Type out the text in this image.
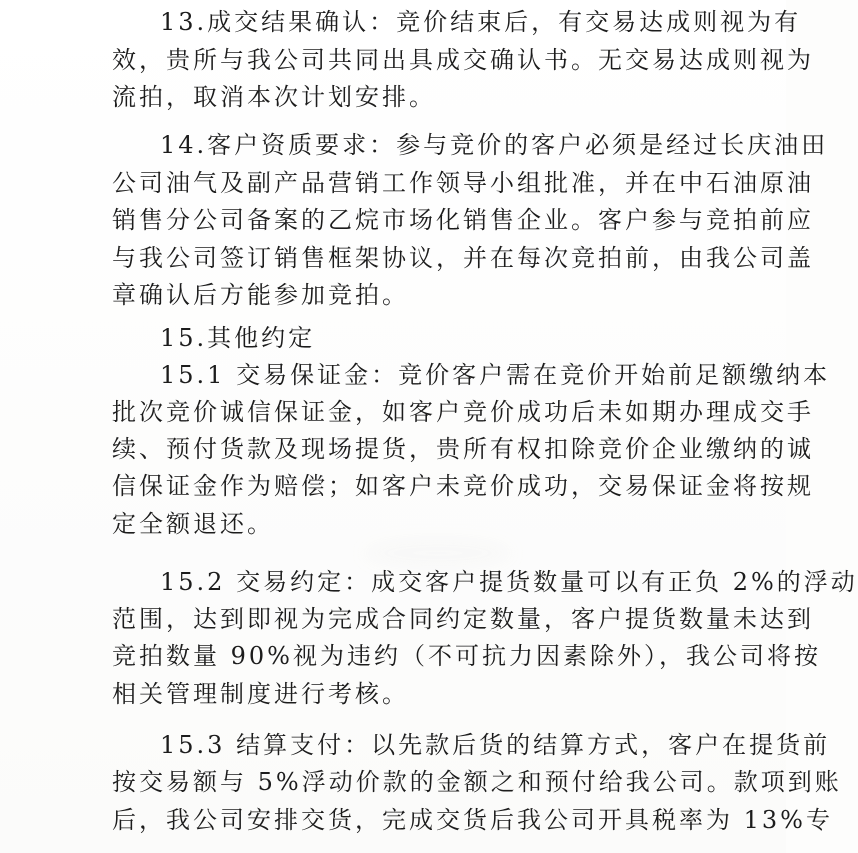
13.成交结果确认：竞价结束后，有交易达成则视为有
效，贵所与我公司共同出具成交确认书。无交易达成则视为
流拍，取消本次计划安排。
14.客户资质要求：参与竞价的客户必须是经过长庆油田
公司油气及副产品营销工作领导小组批准，并在中石油原油
销售分公司备案的乙烷市场化销售企业。客户参与竞拍前应
与我公司签订销售框架协议，并在每次竞拍前，由我公司盖
章确认后方能参加竞拍。
15.其他约定
15.1 交易保证金：竞价客户需在竞价开始前足额缴纳本
批次竞价诚信保证金，如客户竞价成功后未如期办理成交手
续、预付货款及现场提货，贵所有权扣除竞价企业缴纳的诚
信保证金作为赔偿；如客户未竞价成功，交易保证金将按规
定全额退还。
15.2 交易约定：成交客户提货数量可以有正负 2%的浮动
范围，达到即视为完成合同约定数量，客户提货数量未达到
竞拍数量 90%视为违约（不可抗力因素除外），我公司将按
相关管理制度进行考核。
15.3 结算支付：以先款后货的结算方式，客户在提货前
按交易额与 5%浮动价款的金额之和预付给我公司。款项到账
后，我公司安排交货，完成交货后我公司开具税率为 13%专
